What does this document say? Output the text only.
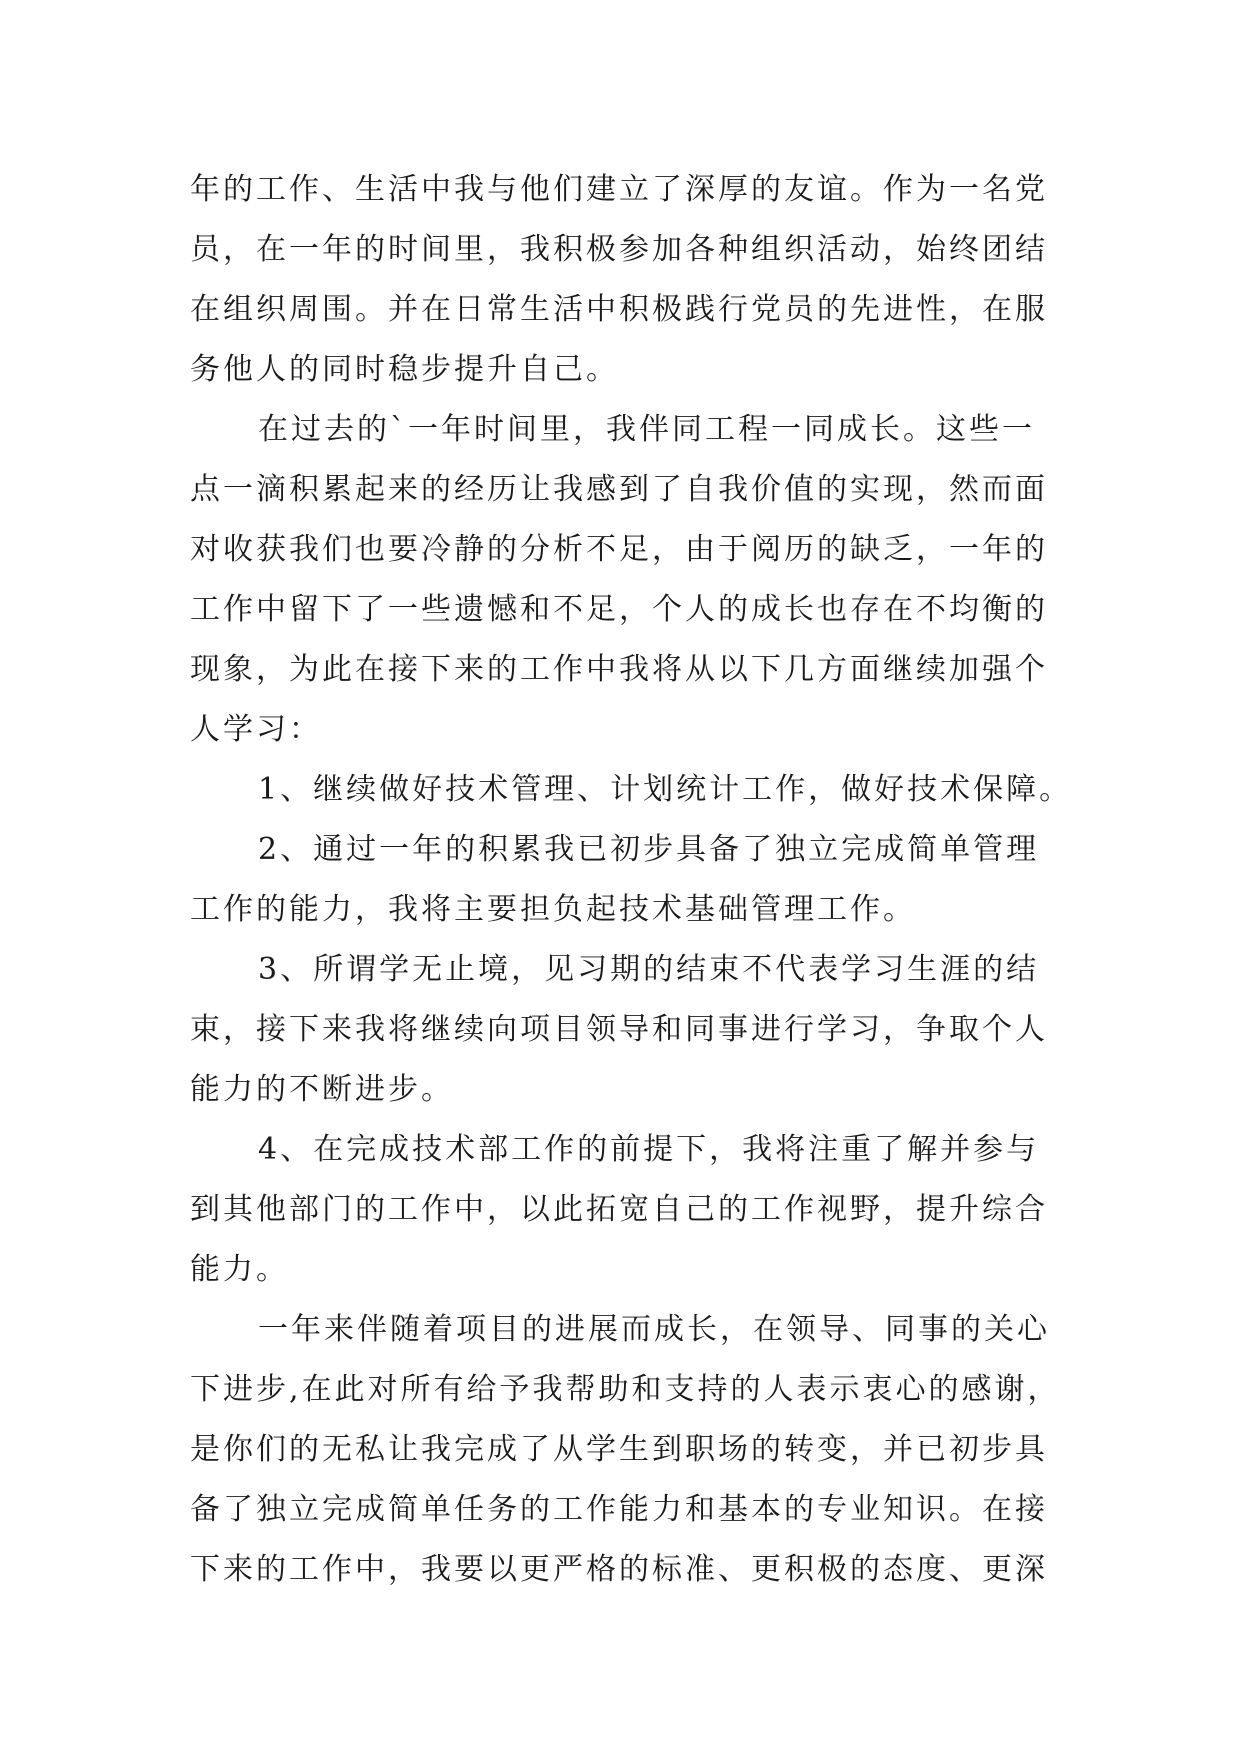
年的工作、生活中我与他们建立了深厚的友谊。作为一名党
员，在一年的时间里，我积极参加各种组织活动，始终团结
在组织周围。并在日常生活中积极践行党员的先进性，在服
务他人的同时稳步提升自己。
在过去的`一年时间里，我伴同工程一同成长。这些一
点一滴积累起来的经历让我感到了自我价值的实现，然而面
对收获我们也要冷静的分析不足，由于阅历的缺乏，一年的
工作中留下了一些遗憾和不足，个人的成长也存在不均衡的
现象，为此在接下来的工作中我将从以下几方面继续加强个
人学习：
1、继续做好技术管理、计划统计工作，做好技术保障。
2、通过一年的积累我已初步具备了独立完成简单管理
工作的能力，我将主要担负起技术基础管理工作。
3、所谓学无止境，见习期的结束不代表学习生涯的结
束，接下来我将继续向项目领导和同事进行学习，争取个人
能力的不断进步。
4、在完成技术部工作的前提下，我将注重了解并参与
到其他部门的工作中，以此拓宽自己的工作视野，提升综合
能力。
一年来伴随着项目的进展而成长，在领导、同事的关心
下进步,在此对所有给予我帮助和支持的人表示衷心的感谢，
是你们的无私让我完成了从学生到职场的转变，并已初步具
备了独立完成简单任务的工作能力和基本的专业知识。在接
下来的工作中，我要以更严格的标准、更积极的态度、更深
